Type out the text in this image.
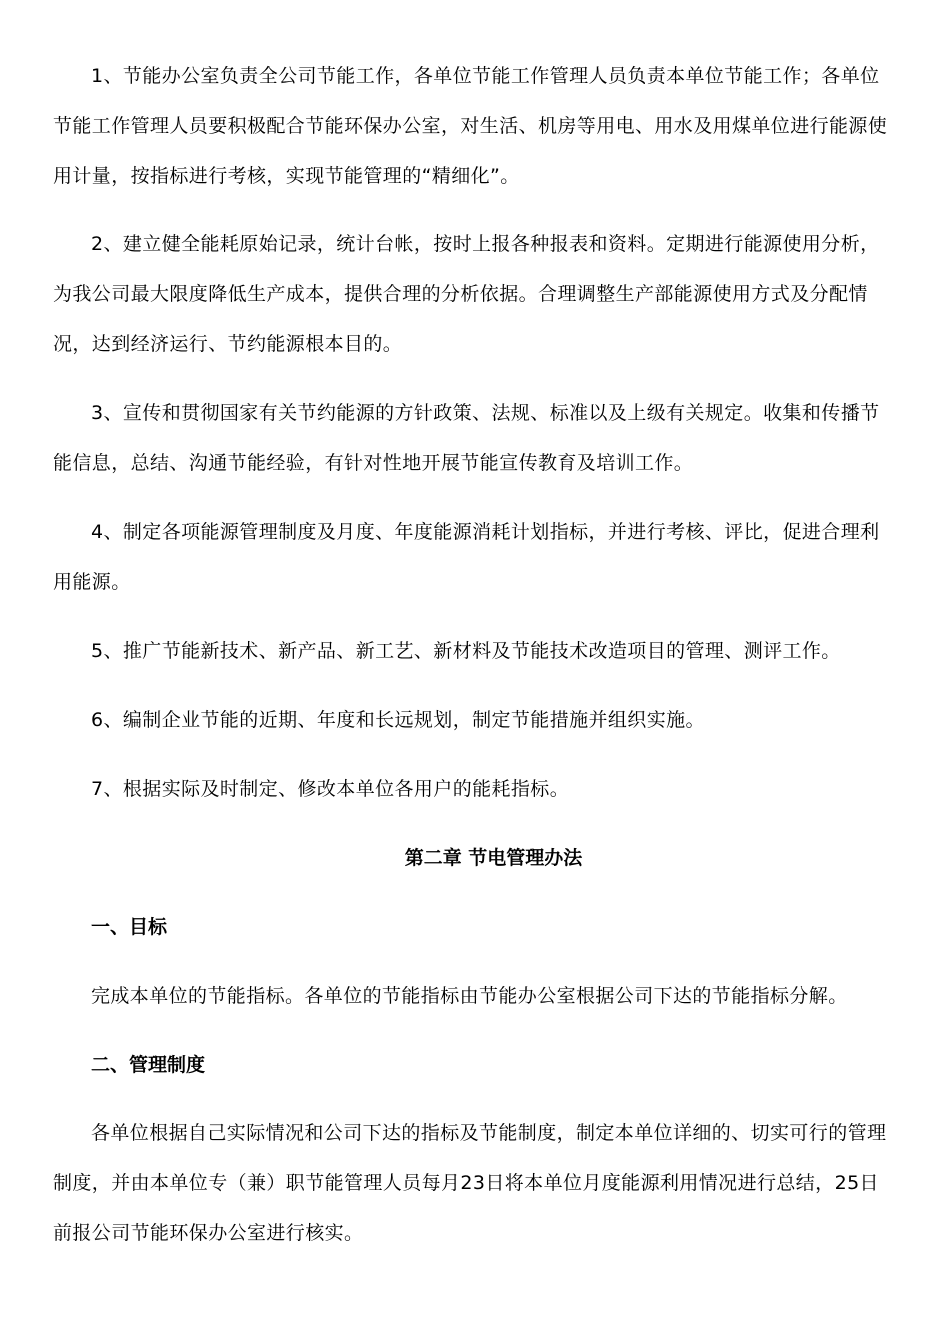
1、节能办公室负责全公司节能工作，各单位节能工作管理人员负责本单位节能工作；各单位节能工作管理人员要积极配合节能环保办公室，对生活、机房等用电、用水及用煤单位进行能源使用计量，按指标进行考核，实现节能管理的“精细化”。

2、建立健全能耗原始记录，统计台帐，按时上报各种报表和资料。定期进行能源使用分析，为我公司最大限度降低生产成本，提供合理的分析依据。合理调整生产部能源使用方式及分配情况，达到经济运行、节约能源根本目的。

3、宣传和贯彻国家有关节约能源的方针政策、法规、标准以及上级有关规定。收集和传播节能信息，总结、沟通节能经验，有针对性地开展节能宣传教育及培训工作。

4、制定各项能源管理制度及月度、年度能源消耗计划指标，并进行考核、评比，促进合理利用能源。

5、推广节能新技术、新产品、新工艺、新材料及节能技术改造项目的管理、测评工作。

6、编制企业节能的近期、年度和长远规划，制定节能措施并组织实施。

7、根据实际及时制定、修改本单位各用户的能耗指标。

第二章 节电管理办法

一、目标

完成本单位的节能指标。各单位的节能指标由节能办公室根据公司下达的节能指标分解。

二、管理制度

各单位根据自己实际情况和公司下达的指标及节能制度，制定本单位详细的、切实可行的管理制度，并由本单位专（兼）职节能管理人员每月23日将本单位月度能源利用情况进行总结，25日前报公司节能环保办公室进行核实。
